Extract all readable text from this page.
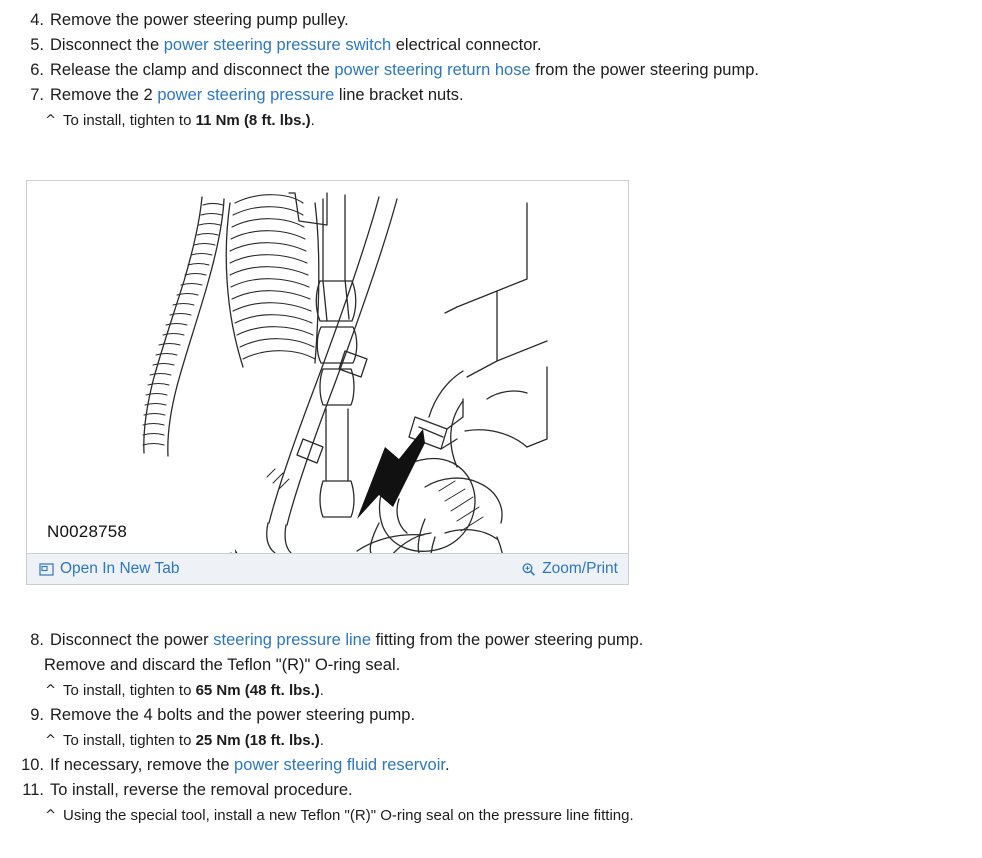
4. Remove the power steering pump pulley.
5. Disconnect the power steering pressure switch electrical connector.
6. Release the clamp and disconnect the power steering return hose from the power steering pump.
7. Remove the 2 power steering pressure line bracket nuts.
^ To install, tighten to 11 Nm (8 ft. lbs.).
N0028758
Open In New Tab	Zoom/Print
8. Disconnect the power steering pressure line fitting from the power steering pump.
Remove and discard the Teflon "(R)" O-ring seal.
^ To install, tighten to 65 Nm (48 ft. lbs.).
9. Remove the 4 bolts and the power steering pump.
^ To install, tighten to 25 Nm (18 ft. lbs.).
10. If necessary, remove the power steering fluid reservoir.
11. To install, reverse the removal procedure.
^ Using the special tool, install a new Teflon "(R)" O-ring seal on the pressure line fitting.
